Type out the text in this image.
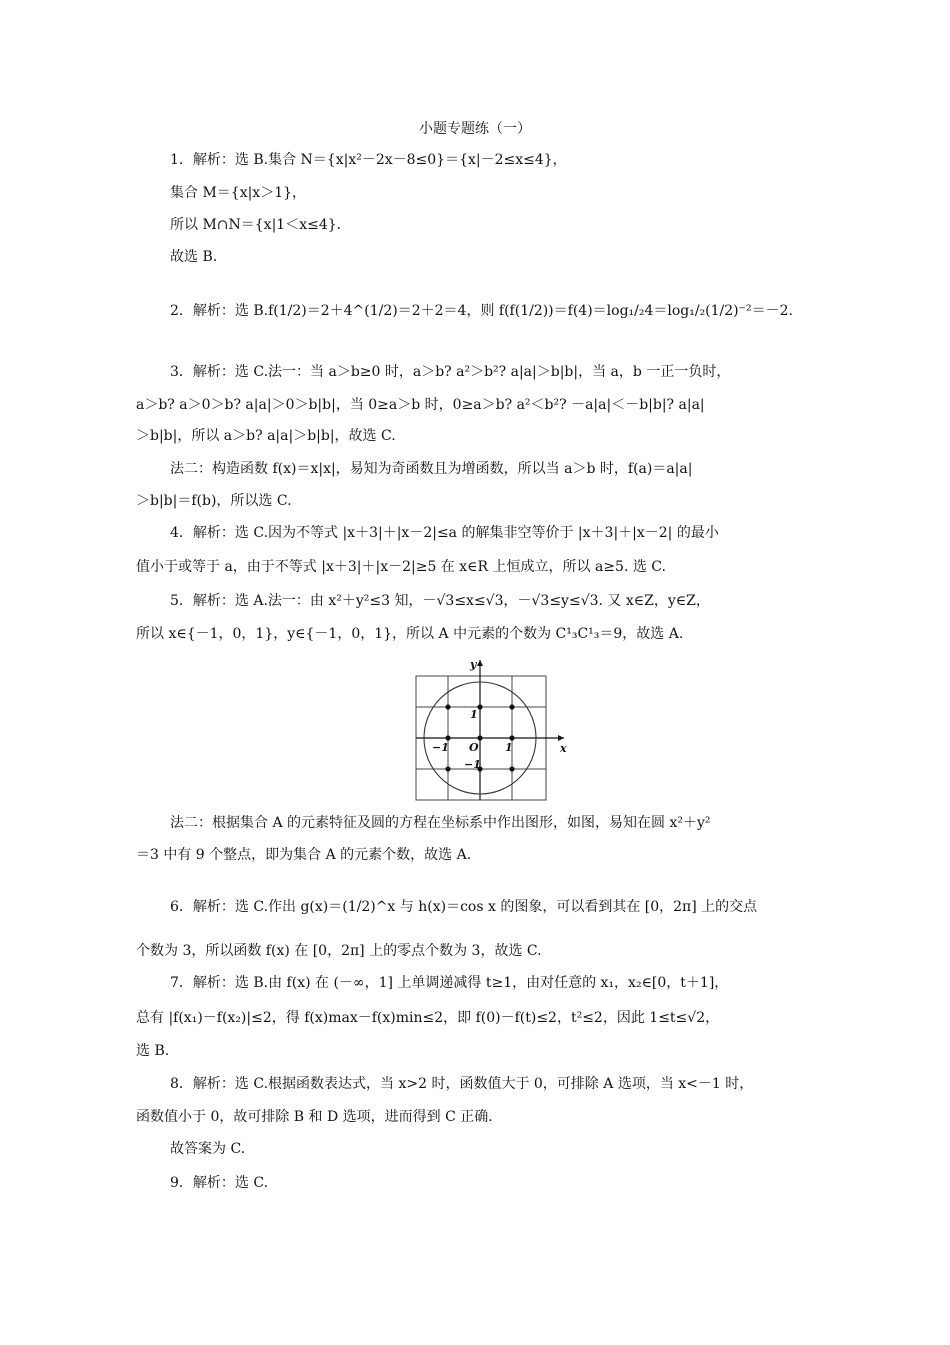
小题专题练（一）
1．解析：选 B.集合 N＝{x|x²－2x－8≤0}＝{x|－2≤x≤4}，
集合 M＝{x|x＞1}，
所以 M∩N＝{x|1＜x≤4}．
故选 B.
2．解析：选 B.f(1/2)＝2＋4^(1/2)＝2＋2＝4，则 f(f(1/2))＝f(4)＝log₁/₂4＝log₁/₂(1/2)⁻²＝－2.
3．解析：选 C.法一：当 a＞b≥0 时，a＞b? a²＞b²? a|a|＞b|b|，当 a，b 一正一负时，
a＞b? a＞0＞b? a|a|＞0＞b|b|，当 0≥a＞b 时，0≥a＞b? a²＜b²? －a|a|＜－b|b|? a|a|
＞b|b|，所以 a＞b? a|a|＞b|b|，故选 C.
法二：构造函数 f(x)＝x|x|，易知为奇函数且为增函数，所以当 a＞b 时，f(a)＝a|a|
＞b|b|＝f(b)，所以选 C.
4．解析：选 C.因为不等式 |x＋3|＋|x－2|≤a 的解集非空等价于 |x＋3|＋|x－2| 的最小
值小于或等于 a，由于不等式 |x＋3|＋|x－2|≥5 在 x∈R 上恒成立，所以 a≥5. 选 C.
5．解析：选 A.法一：由 x²＋y²≤3 知，－√3≤x≤√3，－√3≤y≤√3. 又 x∈Z，y∈Z，
所以 x∈{－1，0，1}，y∈{－1，0，1}，所以 A 中元素的个数为 C¹₃C¹₃＝9，故选 A.
y
x
O 1
−1
1
−1
法二：根据集合 A 的元素特征及圆的方程在坐标系中作出图形，如图，易知在圆 x²＋y²
＝3 中有 9 个整点，即为集合 A 的元素个数，故选 A.
6．解析：选 C.作出 g(x)＝(1/2)^x 与 h(x)＝cos x 的图象，可以看到其在 [0，2π] 上的交点
个数为 3，所以函数 f(x) 在 [0，2π] 上的零点个数为 3，故选 C.
7．解析：选 B.由 f(x) 在 (－∞，1] 上单调递减得 t≥1，由对任意的 x₁，x₂∈[0，t＋1]，
总有 |f(x₁)－f(x₂)|≤2，得 f(x)max－f(x)min≤2，即 f(0)－f(t)≤2，t²≤2，因此 1≤t≤√2，
选 B.
8．解析：选 C.根据函数表达式，当 x>2 时，函数值大于 0，可排除 A 选项，当 x<－1 时，
函数值小于 0，故可排除 B 和 D 选项，进而得到 C 正确.
故答案为 C.
9．解析：选 C.
